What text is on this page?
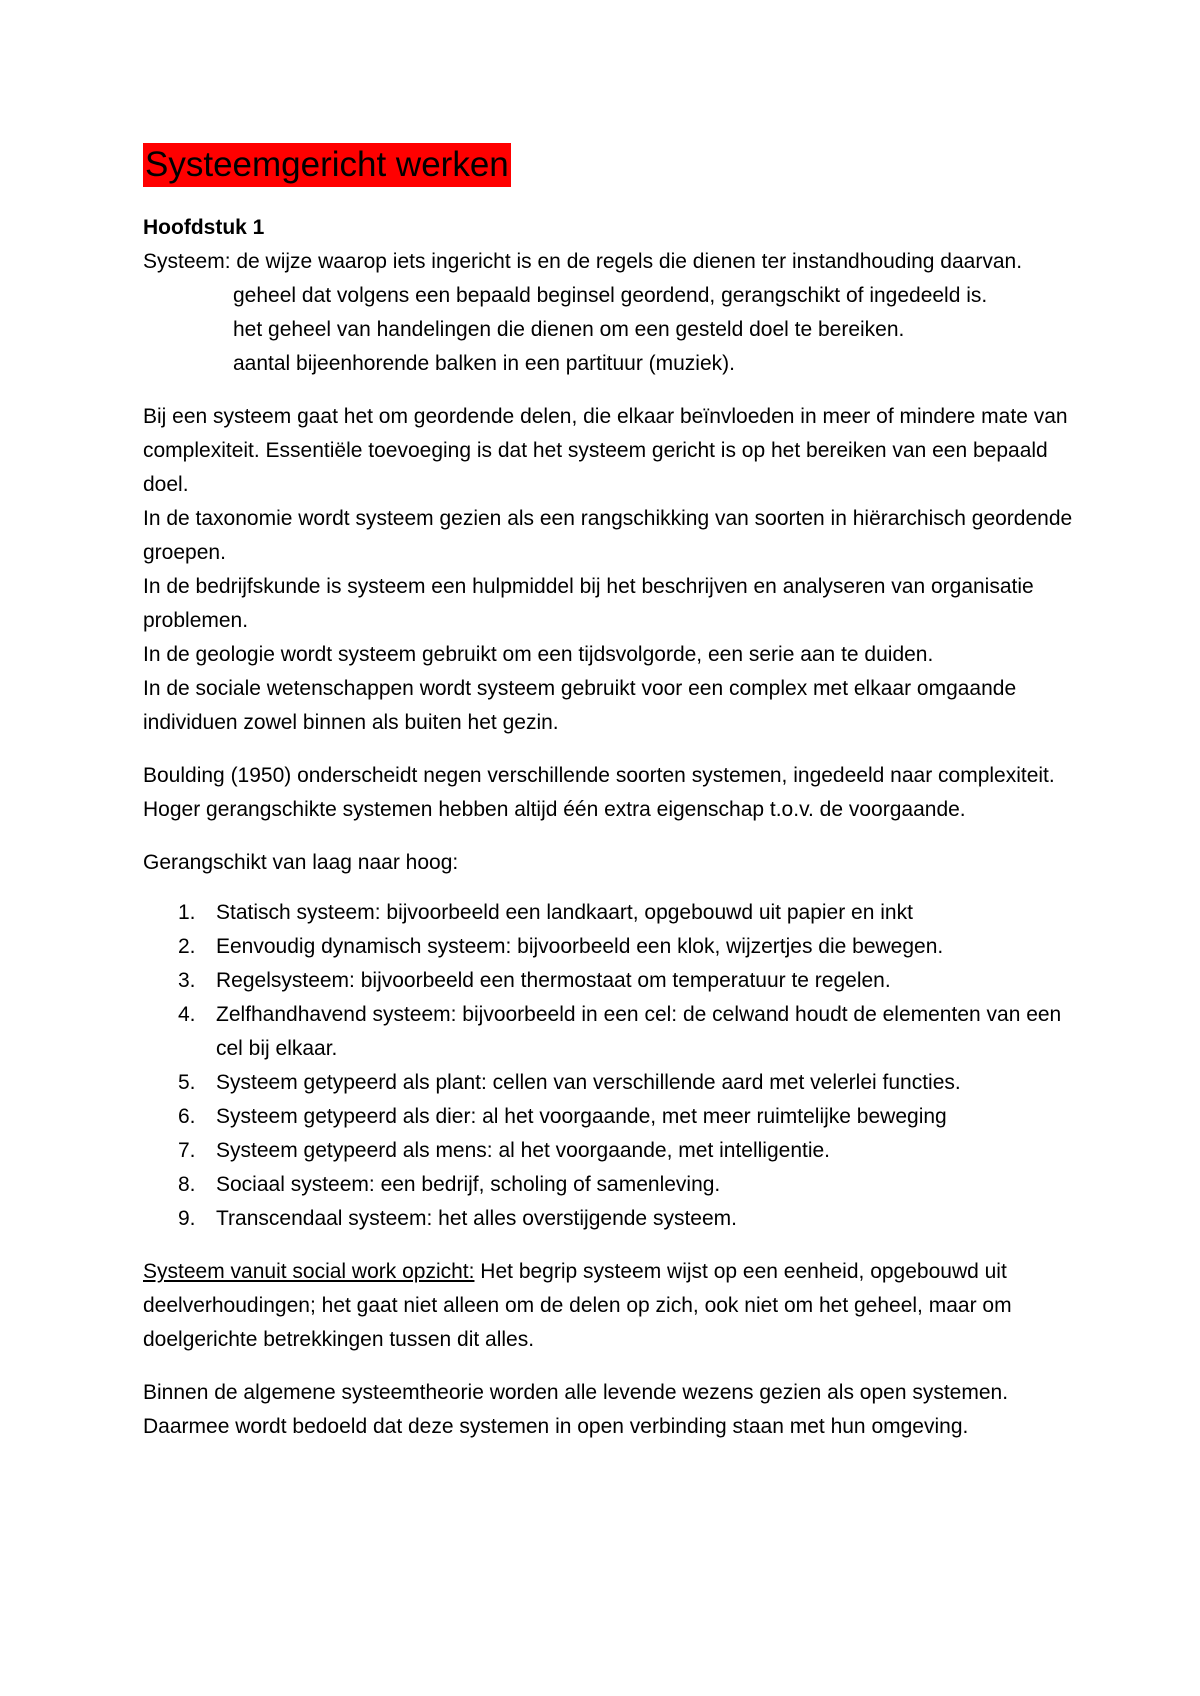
Systeemgericht werken

Hoofdstuk 1

Systeem: de wijze waarop iets ingericht is en de regels die dienen ter instandhouding daarvan.

geheel dat volgens een bepaald beginsel geordend, gerangschikt of ingedeeld is.

het geheel van handelingen die dienen om een gesteld doel te bereiken.

aantal bijeenhorende balken in een partituur (muziek).

Bij een systeem gaat het om geordende delen, die elkaar beïnvloeden in meer of mindere mate van complexiteit. Essentiële toevoeging is dat het systeem gericht is op het bereiken van een bepaald doel.

In de taxonomie wordt systeem gezien als een rangschikking van soorten in hiërarchisch geordende groepen.

In de bedrijfskunde is systeem een hulpmiddel bij het beschrijven en analyseren van organisatie problemen.

In de geologie wordt systeem gebruikt om een tijdsvolgorde, een serie aan te duiden.

In de sociale wetenschappen wordt systeem gebruikt voor een complex met elkaar omgaande individuen zowel binnen als buiten het gezin.

Boulding (1950) onderscheidt negen verschillende soorten systemen, ingedeeld naar complexiteit. Hoger gerangschikte systemen hebben altijd één extra eigenschap t.o.v. de voorgaande.

Gerangschikt van laag naar hoog:

1. Statisch systeem: bijvoorbeeld een landkaart, opgebouwd uit papier en inkt
2. Eenvoudig dynamisch systeem: bijvoorbeeld een klok, wijzertjes die bewegen.
3. Regelsysteem: bijvoorbeeld een thermostaat om temperatuur te regelen.
4. Zelfhandhavend systeem: bijvoorbeeld in een cel: de celwand houdt de elementen van een cel bij elkaar.
5. Systeem getypeerd als plant: cellen van verschillende aard met velerlei functies.
6. Systeem getypeerd als dier: al het voorgaande, met meer ruimtelijke beweging
7. Systeem getypeerd als mens: al het voorgaande, met intelligentie.
8. Sociaal systeem: een bedrijf, scholing of samenleving.
9. Transcendaal systeem: het alles overstijgende systeem.

Systeem vanuit social work opzicht: Het begrip systeem wijst op een eenheid, opgebouwd uit deelverhoudingen; het gaat niet alleen om de delen op zich, ook niet om het geheel, maar om doelgerichte betrekkingen tussen dit alles.

Binnen de algemene systeemtheorie worden alle levende wezens gezien als open systemen. Daarmee wordt bedoeld dat deze systemen in open verbinding staan met hun omgeving.
